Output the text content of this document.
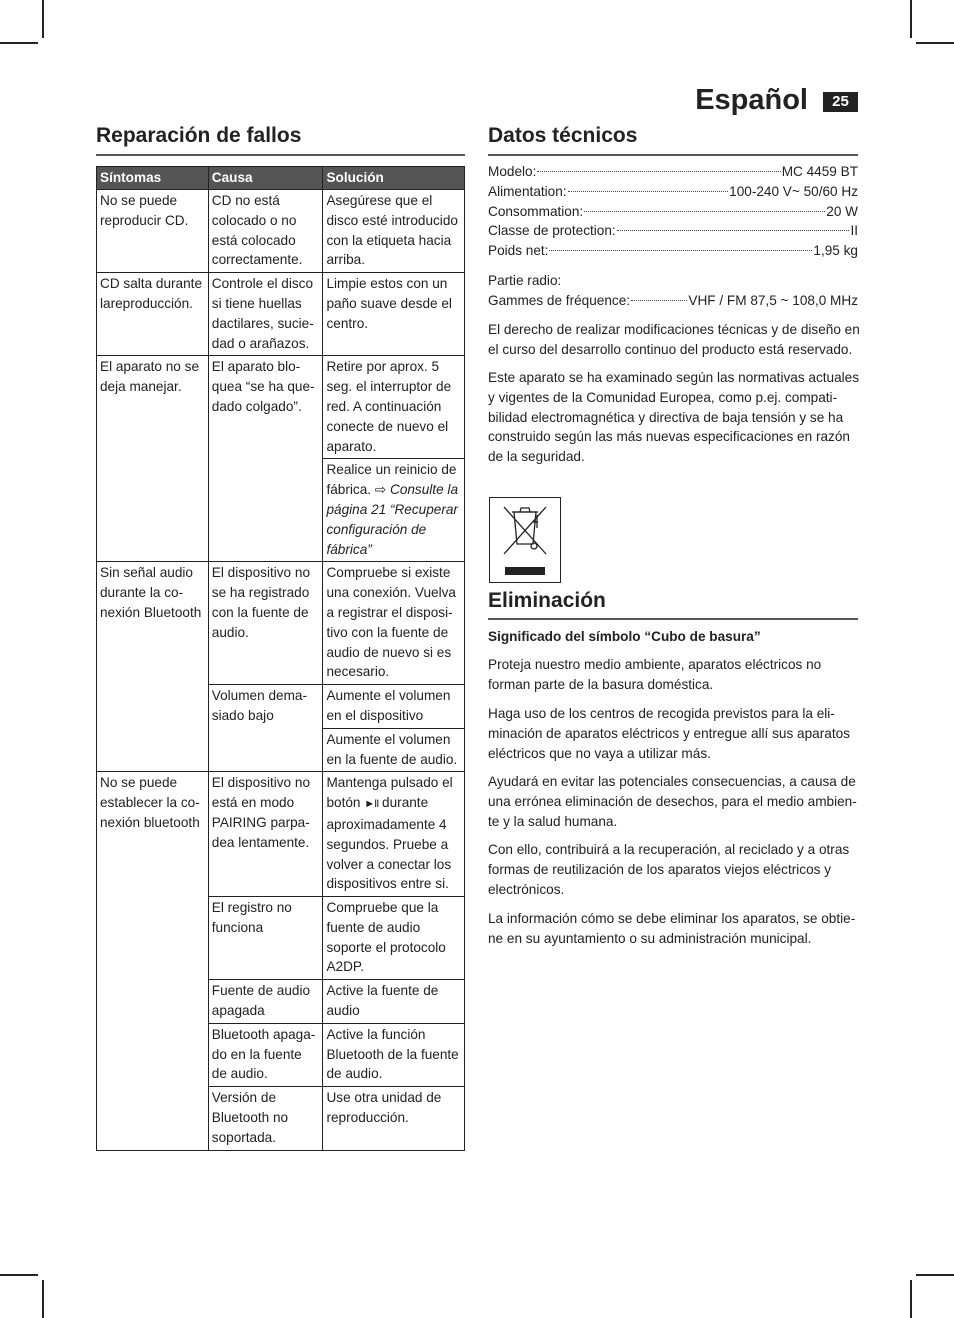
Español	25
Reparación de fallos
Síntomas	Causa	Solución
No se puede reproducir CD.	CD no está colocado o no está colocado correctamente.	Asegúrese que el disco esté introducido con la etiqueta hacia arriba.
CD salta durante lareproducción.	Controle el disco si tiene huellas dactilares, sucie-dad o arañazos.	Limpie estos con un paño suave desde el centro.
El aparato no se deja manejar.	El aparato blo-quea “se ha que-dado colgado”.	Retire por aprox. 5 seg. el interruptor de red. A continuación conecte de nuevo el aparato.
		Realice un reinicio de fábrica. ⇨ Consulte la página 21 “Recuperar configuración de fábrica”
Sin señal audio durante la co-nexión Bluetooth	El dispositivo no se ha registrado con la fuente de audio.	Compruebe si existe una conexión. Vuelva a registrar el disposi-tivo con la fuente de audio de nuevo si es necesario.
	Volumen dema-siado bajo	Aumente el volumen en el dispositivo
		Aumente el volumen en la fuente de audio.
No se puede establecer la co-nexión bluetooth	El dispositivo no está en modo PAIRING parpa-dea lentamente.	Mantenga pulsado el botón ►II durante aproximadamente 4 segundos. Pruebe a volver a conectar los dispositivos entre si.
	El registro no funciona	Compruebe que la fuente de audio soporte el protocolo A2DP.
	Fuente de audio apagada	Active la fuente de audio
	Bluetooth apaga-do en la fuente de audio.	Active la función Bluetooth de la fuente de audio.
	Versión de Bluetooth no soportada.	Use otra unidad de reproducción.
Datos técnicos
Modelo:	MC 4459 BT
Alimentation:	100-240 V~ 50/60 Hz
Consommation:	20 W
Classe de protection:	II
Poids net:	1,95 kg

Partie radio:

Gammes de fréquence:	VHF / FM 87,5 ~ 108,0 MHz

El derecho de realizar modificaciones técnicas y de diseño en el curso del desarrollo continuo del producto está reservado.

Este aparato se ha examinado según las normativas actuales y vigentes de la Comunidad Europea, como p.ej. compati-bilidad electromagnética y directiva de baja tensión y se ha construido según las más nuevas especificaciones en razón de la seguridad.

Eliminación

Significado del símbolo “Cubo de basura”

Proteja nuestro medio ambiente, aparatos eléctricos no forman parte de la basura doméstica.

Haga uso de los centros de recogida previstos para la eli-minación de aparatos eléctricos y entregue allí sus aparatos eléctricos que no vaya a utilizar más.

Ayudará en evitar las potenciales consecuencias, a causa de una errónea eliminación de desechos, para el medio ambien-te y la salud humana.

Con ello, contribuirá a la recuperación, al reciclado y a otras formas de reutilización de los aparatos viejos eléctricos y electrónicos.

La información cómo se debe eliminar los aparatos, se obtie-ne en su ayuntamiento o su administración municipal.
